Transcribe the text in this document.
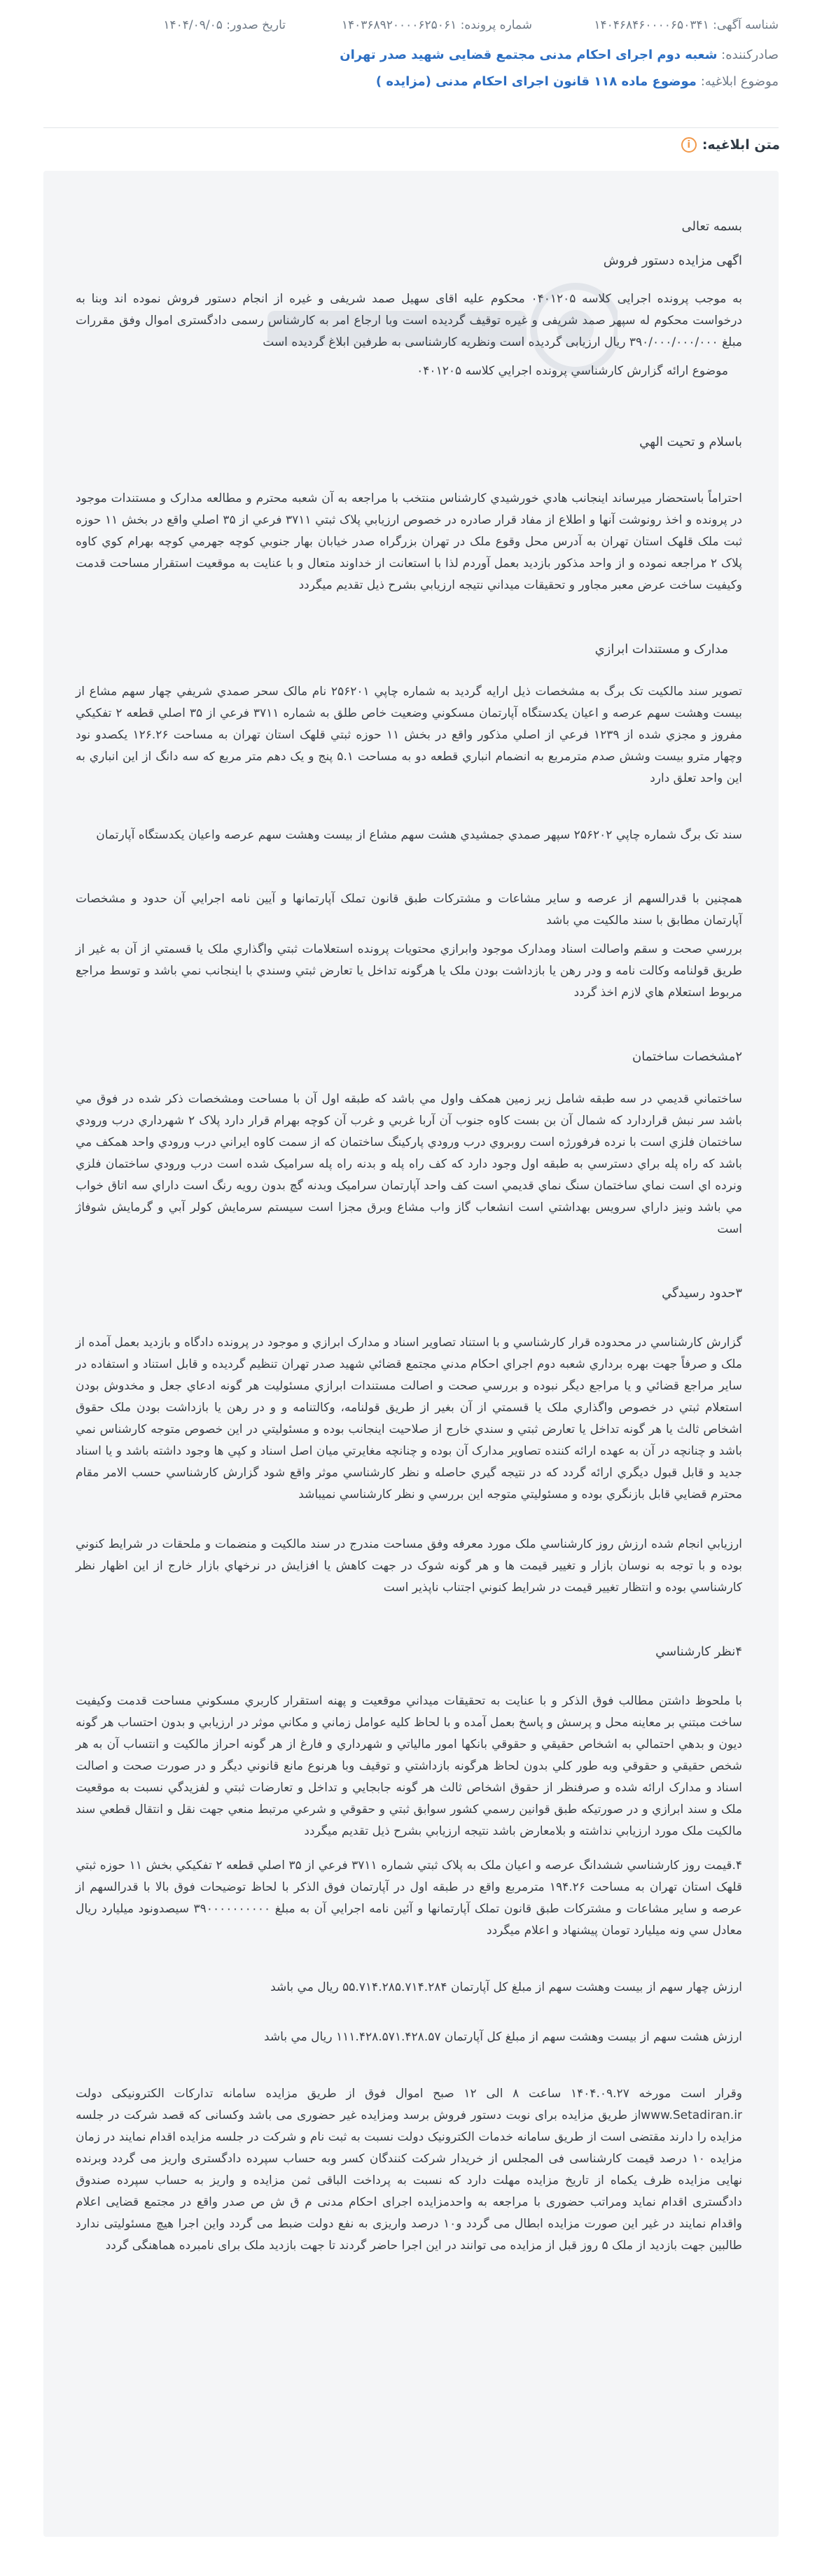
شناسه آگهی: ۱۴۰۴۶۸۴۶۰۰۰۰۶۵۰۳۴۱
شماره پرونده: ۱۴۰۳۶۸۹۲۰۰۰۰۶۲۵۰۶۱
تاریخ صدور: ۱۴۰۴/۰۹/۰۵
صادرکننده: شعبه دوم اجرای احکام مدنی مجتمع قضایی شهید صدر تهران
موضوع ابلاغیه: موضوع ماده ۱۱۸ قانون اجرای احکام مدنی (مزایده )
متن ابلاغیه:
i
بسمه تعالی
اگهی مزایده دستور فروش
به موجب پرونده اجرایی کلاسه ۰۴۰۱۲۰۵ محکوم علیه اقای سهیل صمد شریفی و غیره از انجام دستور فروش نموده اند وبنا به درخواست محکوم له سپهر صمد شریفی و غیره توقیف گردیده است وبا ارجاع امر به کارشناس رسمی دادگستری اموال وفق مقررات مبلغ ۳۹۰/۰۰۰/۰۰۰/۰۰۰ ریال ارزیابی گردیده است ونظریه کارشناسی به طرفین ابلاغ گردیده است
موضوع ارائه گزارش کارشناسي پرونده اجرایي کلاسه ۰۴۰۱۲۰۵
باسلام و تحيت الهي
احتراماً باستحضار ميرساند اينجانب هادي خورشيدي کارشناس منتخب با مراجعه به آن شعبه محترم و مطالعه مدارک و مستندات موجود در پرونده و اخذ رونوشت آنها و اطلاع از مفاد قرار صادره در خصوص ارزيابي پلاک ثبتي ۳۷۱۱ فرعي از ۳۵ اصلي واقع در بخش ۱۱ حوزه ثبت ملک قلهک استان تهران به آدرس محل وقوع ملک در تهران بزرگراه صدر خيابان بهار جنوبي کوچه جهرمي کوچه بهرام کوي کاوه پلاک ۲ مراجعه نموده و از واحد مذکور بازديد بعمل آوردم لذا با استعانت از خداوند متعال و با عنايت به موقعيت استقرار مساحت قدمت وکيفيت ساخت عرض معبر مجاور و تحقيقات ميداني نتيجه ارزيابي بشرح ذيل تقديم ميگردد
مدارک و مستندات ابرازي
تصوير سند مالکيت تک برگ به مشخصات ذيل ارايه گرديد به شماره چاپي ۲۵۶۲۰۱ نام مالک سحر صمدي شريفي چهار سهم مشاع از بيست وهشت سهم عرصه و اعيان يکدستگاه آپارتمان مسکوني وضعيت خاص طلق به شماره ۳۷۱۱ فرعي از ۳۵ اصلي قطعه ۲ تفکيکي مفروز و مجزي شده از ۱۲۳۹ فرعي از اصلي مذکور واقع در بخش ۱۱ حوزه ثبتي قلهک استان تهران به مساحت ۱۲۶.۲۶ يکصدو نود وچهار مترو بيست وشش صدم مترمربع به انضمام انباري قطعه دو به مساحت ۵.۱ پنج و يک دهم متر مربع که سه دانگ از اين انباري به اين واحد تعلق دارد
سند تک برگ شماره چاپي ۲۵۶۲۰۲ سپهر صمدي جمشيدي هشت سهم مشاع از بيست وهشت سهم عرصه واعيان يکدستگاه آپارتمان
همچنين با قدرالسهم از عرصه و ساير مشاعات و مشترکات طبق قانون تملک آپارتمانها و آيين نامه اجرايي آن حدود و مشخصات آپارتمان مطابق با سند مالکيت مي باشد
بررسي صحت و سقم واصالت اسناد ومدارک موجود وابرازي محتويات پرونده استعلامات ثبتي واگذاري ملک يا قسمتي از آن به غير از طريق قولنامه وکالت نامه و ودر رهن يا بازداشت بودن ملک يا هرگونه تداخل يا تعارض ثبتي وسندي با اينجانب نمي باشد و توسط مراجع مربوط استعلام هاي لازم اخذ گردد
۲مشخصات ساختمان
ساختماني قديمي در سه طبقه شامل زير زمين همکف واول مي باشد که طبقه اول آن با مساحت ومشخصات ذکر شده در فوق مي باشد سر نبش قراردارد که شمال آن بن بست کاوه جنوب آن آربا غربي و غرب آن کوچه بهرام قرار دارد پلاک ۲ شهرداري درب ورودي ساختمان فلزي است با نرده فرفورژه است روبروي درب ورودي پارکينگ ساختمان که از سمت کاوه ايراني درب ورودي واحد همکف مي باشد که راه پله براي دسترسي به طبقه اول وجود دارد که کف راه پله و بدنه راه پله سراميک شده است درب ورودي ساختمان فلزي ونرده اي است نماي ساختمان سنگ نماي قديمي است کف واحد آپارتمان سراميک وبدنه گچ بدون رويه رنگ است داراي سه اتاق خواب مي باشد ونيز داراي سرويس بهداشتي است انشعاب گاز واب مشاع وبرق مجزا است سيستم سرمايش کولر آبي و گرمايش شوفاژ است
۳حدود رسيدگي
گزارش کارشناسي در محدوده قرار کارشناسي و با استناد تصاوير اسناد و مدارک ابرازي و موجود در پرونده دادگاه و بازديد بعمل آمده از ملک و صرفاً جهت بهره برداري شعبه دوم اجراي احکام مدني مجتمع قضائي شهيد صدر تهران تنظيم گرديده و قابل استناد و استفاده در ساير مراجع قضائي و يا مراجع ديگر نبوده و بررسي صحت و اصالت مستندات ابرازي مسئوليت هر گونه ادعاي جعل و مخدوش بودن استعلام ثبتي در خصوص واگذاري ملک يا قسمتي از آن بغير از طريق قولنامه، وکالتنامه و و در رهن يا بازداشت بودن ملک حقوق اشخاص ثالث يا هر گونه تداخل يا تعارض ثبتي و سندي خارج از صلاحيت اينجانب بوده و مسئوليتي در اين خصوص متوجه کارشناس نمي باشد و چنانچه در آن به عهده ارائه کننده تصاوير مدارک آن بوده و چنانچه مغايرتي ميان اصل اسناد و کپي ها وجود داشته باشد و يا اسناد جديد و قابل قبول ديگري ارائه گردد که در نتيجه گيري حاصله و نظر کارشناسي موثر واقع شود گزارش کارشناسي حسب الامر مقام محترم قضايي قابل بازنگري بوده و مسئوليتي متوجه اين بررسي و نظر کارشناسي نمیباشد
ارزيابي انجام شده ارزش روز کارشناسي ملک مورد معرفه وفق مساحت مندرج در سند مالکيت و منضمات و ملحقات در شرايط کنوني بوده و با توجه به نوسان بازار و تغيير قيمت ها و هر گونه شوک در جهت کاهش يا افزايش در نرخهاي بازار خارج از اين اظهار نظر کارشناسي بوده و انتظار تغيير قيمت در شرايط کنوني اجتناب ناپذير است
۴نظر کارشناسي
با ملحوظ داشتن مطالب فوق الذکر و با عنايت به تحقيقات ميداني موقعيت و پهنه استقرار کاربري مسکوني مساحت قدمت وکيفيت ساخت مبتني بر معاينه محل و پرسش و پاسخ بعمل آمده و با لحاظ کليه عوامل زماني و مکاني موثر در ارزيابي و بدون احتساب هر گونه ديون و بدهي احتمالي به اشخاص حقيقي و حقوقي بانکها امور مالياتي و شهرداري و فارغ از هر گونه احراز مالکيت و انتساب آن به هر شخص حقيقي و حقوقي وبه طور کلي بدون لحاظ هرگونه بازداشتي و توقيف وبا هرنوع مانع قانوني ديگر و در صورت صحت و اصالت اسناد و مدارک ارائه شده و صرفنظر از حقوق اشخاص ثالث هر گونه جابجايي و تداخل و تعارضات ثبتي و لفزيدگي نسبت به موقعيت ملک و سند ابرازي و در صورتيکه طبق قوانين رسمي کشور سوابق ثبتي و حقوقي و شرعي مرتبط منعي جهت نقل و انتقال قطعي سند مالکيت ملک مورد ارزيابي نداشته و بلامعارض باشد نتيجه ارزيابي بشرح ذيل تقديم ميگردد
۴.قيمت روز کارشناسي ششدانگ عرصه و اعيان ملک به پلاک ثبتي شماره ۳۷۱۱ فرعي از ۳۵ اصلي قطعه ۲ تفکيکي بخش ۱۱ حوزه ثبتي قلهک استان تهران به مساحت ۱۹۴.۲۶ مترمربع واقع در طبقه اول در آپارتمان فوق الذکر با لحاظ توضيحات فوق بالا با قدرالسهم از عرصه و ساير مشاعات و مشترکات طبق قانون تملک آپارتمانها و آئين نامه اجرايي آن به مبلغ ۳۹۰۰۰۰۰۰۰۰۰۰ سيصدونود ميليارد ريال معادل سي ونه ميليارد تومان پيشنهاد و اعلام ميگردد
ارزش چهار سهم از بيست وهشت سهم از مبلغ کل آپارتمان ۵۵.۷۱۴.۲۸۵.۷۱۴.۲۸۴ ريال مي باشد
ارزش هشت سهم از بيست وهشت سهم از مبلغ کل آپارتمان ۱۱۱.۴۲۸.۵۷۱.۴۲۸.۵۷ ريال مي باشد
وقرار است مورخه ۱۴۰۴.۰۹.۲۷ ساعت ۸ الی ۱۲ صبح اموال فوق از طريق مزايده سامانه تدارکات الکترونيکی دولت www.Setadiran.irاز طريق مزايده برای نوبت دستور فروش برسد ومزايده غير حضوری می باشد وکسانی که قصد شرکت در جلسه مزايده را دارند مقتضی است از طريق سامانه خدمات الکترونيک دولت نسبت به ثبت نام و شرکت در جلسه مزايده اقدام نمايند در زمان مزايده ۱۰ درصد قيمت کارشناسی فی المجلس از خريدار شرکت کنندگان کسر وبه حساب سپرده دادگستری واريز می گردد وبرنده نهايی مزايده ظرف يکماه از تاريخ مزايده مهلت دارد که نسبت به پرداخت الباقی ثمن مزايده و واريز به حساب سپرده صندوق دادگستری اقدام نمايد ومراتب حضوری با مراجعه به واحدمزايده اجرای احکام مدنی م ق ش ص صدر واقع در مجتمع قضايی اعلام واقدام نمايند در غير اين صورت مزايده ابطال می گردد و۱۰ درصد واريزی به نفع دولت ضبط می گردد واين اجرا هيچ مسئوليتی ندارد طالبين جهت بازديد از ملک ۵ روز قبل از مزايده می توانند در اين اجرا حاضر گردند تا جهت بازديد ملک برای نامبرده هماهنگی گردد
